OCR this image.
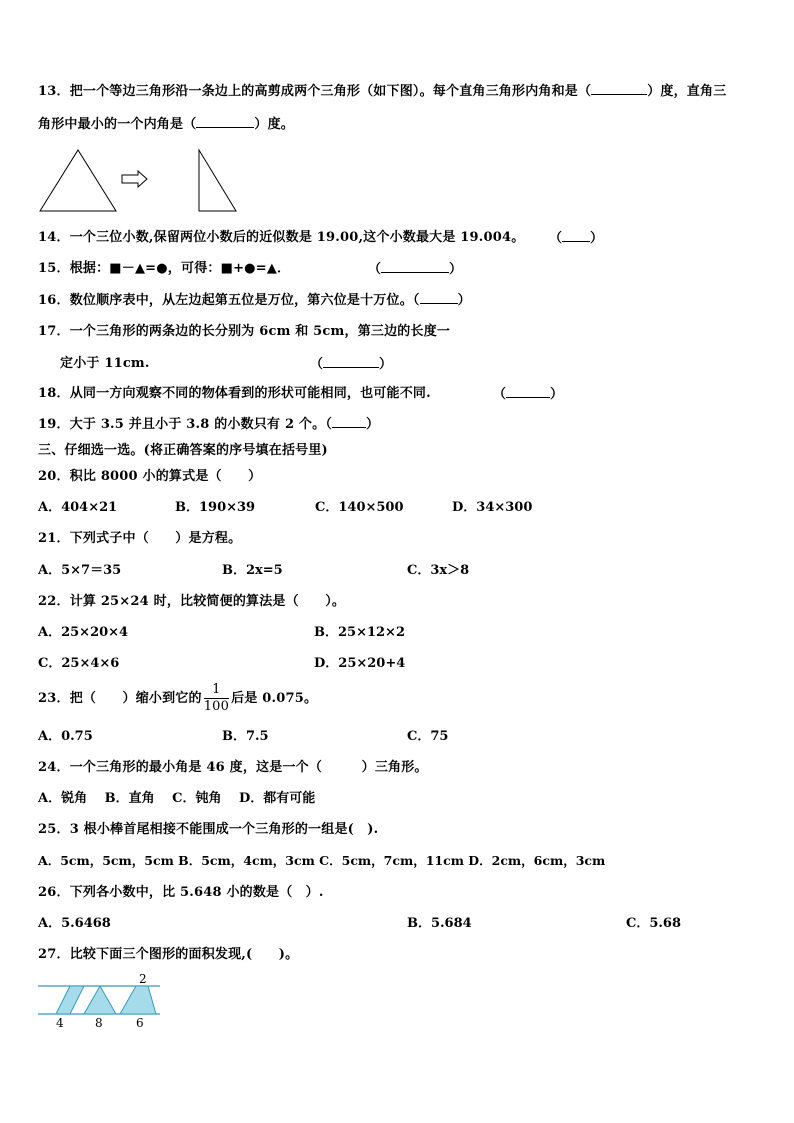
13．把一个等边三角形沿一条边上的高剪成两个三角形（如下图）。每个直角三角形内角和是（	）度，直角三
角形中最小的一个内角是（	）度。
14．一个三位小数,保留两位小数后的近似数是 19.00,这个小数最大是 19.004。 （ ）
15．根据：■－▲=●，可得：■+●=▲．	（	）
16．数位顺序表中，从左边起第五位是万位，第六位是十万位。（	）
17．一个三角形的两条边的长分别为 6cm 和 5cm，第三边的长度一
定小于 11cm.	（	）
18．从同一方向观察不同的物体看到的形状可能相同，也可能不同.	（	）
19．大于 3.5 并且小于 3.8 的小数只有 2 个。（	）
三、仔细选一选。(将正确答案的序号填在括号里)
20．积比 8000 小的算式是（　　）
A．404×21	B．190×39	C．140×500	D．34×300
21．下列式子中（　　）是方程。
A．5×7＝35	B．2x=5	C．3x＞8
22．计算 25×24 时，比较简便的算法是（　　）。
A．25×20×4	B．25×12×2
C．25×4×6	D．25×20+4
23．把（　　）缩小到它的 $\frac{1}{100}$ 后是 0.075。
A．0.75	B．7.5	C．75
24．一个三角形的最小角是 46 度，这是一个（　　　）三角形。
A．锐角　 B．直角　 C．钝角　 D．都有可能
25．3 根小棒首尾相接不能围成一个三角形的一组是(　).
A．5cm，5cm，5cm B．5cm，4cm，3cm C．5cm，7cm，11cm D．2cm，6cm，3cm
26．下列各小数中，比 5.648 小的数是（　）.
A．5.6468	B．5.684	C．5.68
27．比较下面三个图形的面积发现,(　　)。
2
4	8	6
